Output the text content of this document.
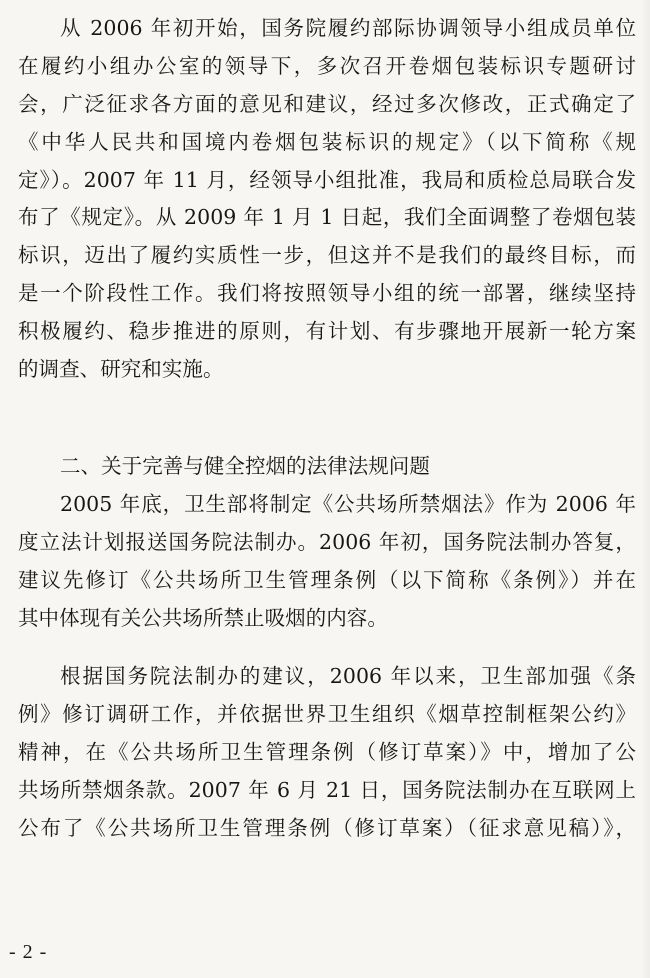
从 2006 年初开始，国务院履约部际协调领导小组成员单位
在履约小组办公室的领导下，多次召开卷烟包装标识专题研讨
会，广泛征求各方面的意见和建议，经过多次修改，正式确定了
《中华人民共和国境内卷烟包装标识的规定》（以下简称《规
定》）。2007 年 11 月，经领导小组批准，我局和质检总局联合发
布了《规定》。从 2009 年 1 月 1 日起，我们全面调整了卷烟包装
标识，迈出了履约实质性一步，但这并不是我们的最终目标，而
是一个阶段性工作。我们将按照领导小组的统一部署，继续坚持
积极履约、稳步推进的原则，有计划、有步骤地开展新一轮方案
的调查、研究和实施。
二、关于完善与健全控烟的法律法规问题
2005 年底，卫生部将制定《公共场所禁烟法》作为 2006 年
度立法计划报送国务院法制办。2006 年初，国务院法制办答复，
建议先修订《公共场所卫生管理条例（以下简称《条例》）并在
其中体现有关公共场所禁止吸烟的内容。
根据国务院法制办的建议，2006 年以来，卫生部加强《条
例》修订调研工作，并依据世界卫生组织《烟草控制框架公约》
精神，在《公共场所卫生管理条例（修订草案）》中，增加了公
共场所禁烟条款。2007 年 6 月 21 日，国务院法制办在互联网上
公布了《公共场所卫生管理条例（修订草案）（征求意见稿）》，
- 2 -
